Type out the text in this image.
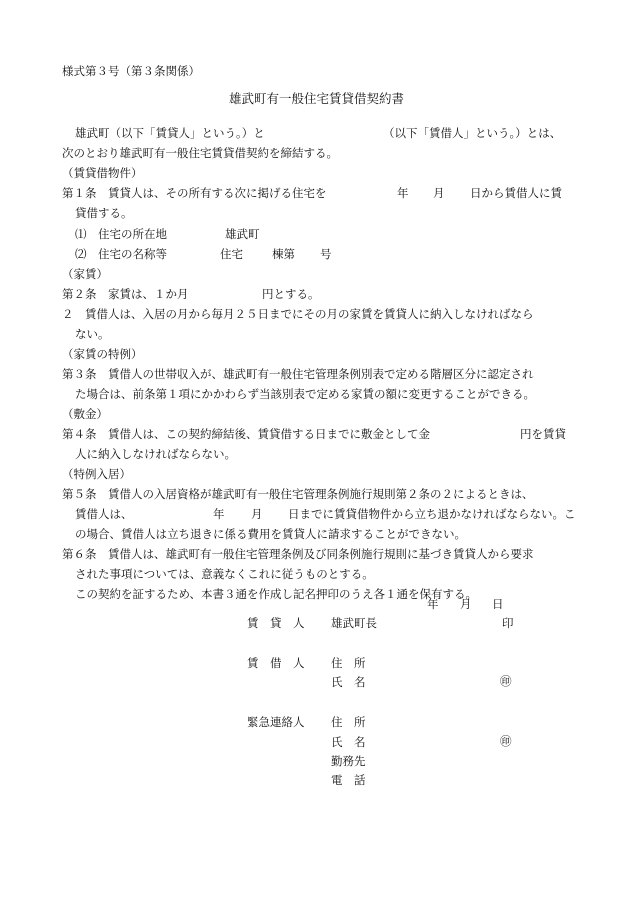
様式第３号（第３条関係）
雄武町有一般住宅賃貸借契約書
雄武町（以下「賃貸人」という。）と	（以下「賃借人」という。）とは、
次のとおり雄武町有一般住宅賃貸借契約を締結する。
（賃貸借物件）
第１条　賃貸人は、その所有する次に掲げる住宅を	年 月 日から賃借人に賃
貸借する。
⑴　住宅の所在地	雄武町
⑵　住宅の名称等	住宅	棟第 号
（家賃）
第２条　家賃は、１か月	円とする。
２　賃借人は、入居の月から毎月２５日までにその月の家賃を賃貸人に納入しなければなら
ない。
（家賃の特例）
第３条　賃借人の世帯収入が、雄武町有一般住宅管理条例別表で定める階層区分に認定され
た場合は、前条第１項にかかわらず当該別表で定める家賃の額に変更することができる。
（敷金）
第４条　賃借人は、この契約締結後、賃貸借する日までに敷金として金	円を賃貸
人に納入しなければならない。
（特例入居）
第５条　賃借人の入居資格が雄武町有一般住宅管理条例施行規則第２条の２によるときは、
賃借人は、	年 月 日までに賃貸借物件から立ち退かなければならない。こ
の場合、賃借人は立ち退きに係る費用を賃貸人に請求することができない。
第６条　賃借人は、雄武町有一般住宅管理条例及び同条例施行規則に基づき賃貸人から要求
された事項については、意義なくこれに従うものとする。
この契約を証するため、本書３通を作成し記名押印のうえ各１通を保有する。
年 月 日
賃　貸　人 雄武町長	印
賃　借　人 住　所
氏　名	㊞
緊急連絡人 住　所
氏　名	㊞
勤務先
電　話
